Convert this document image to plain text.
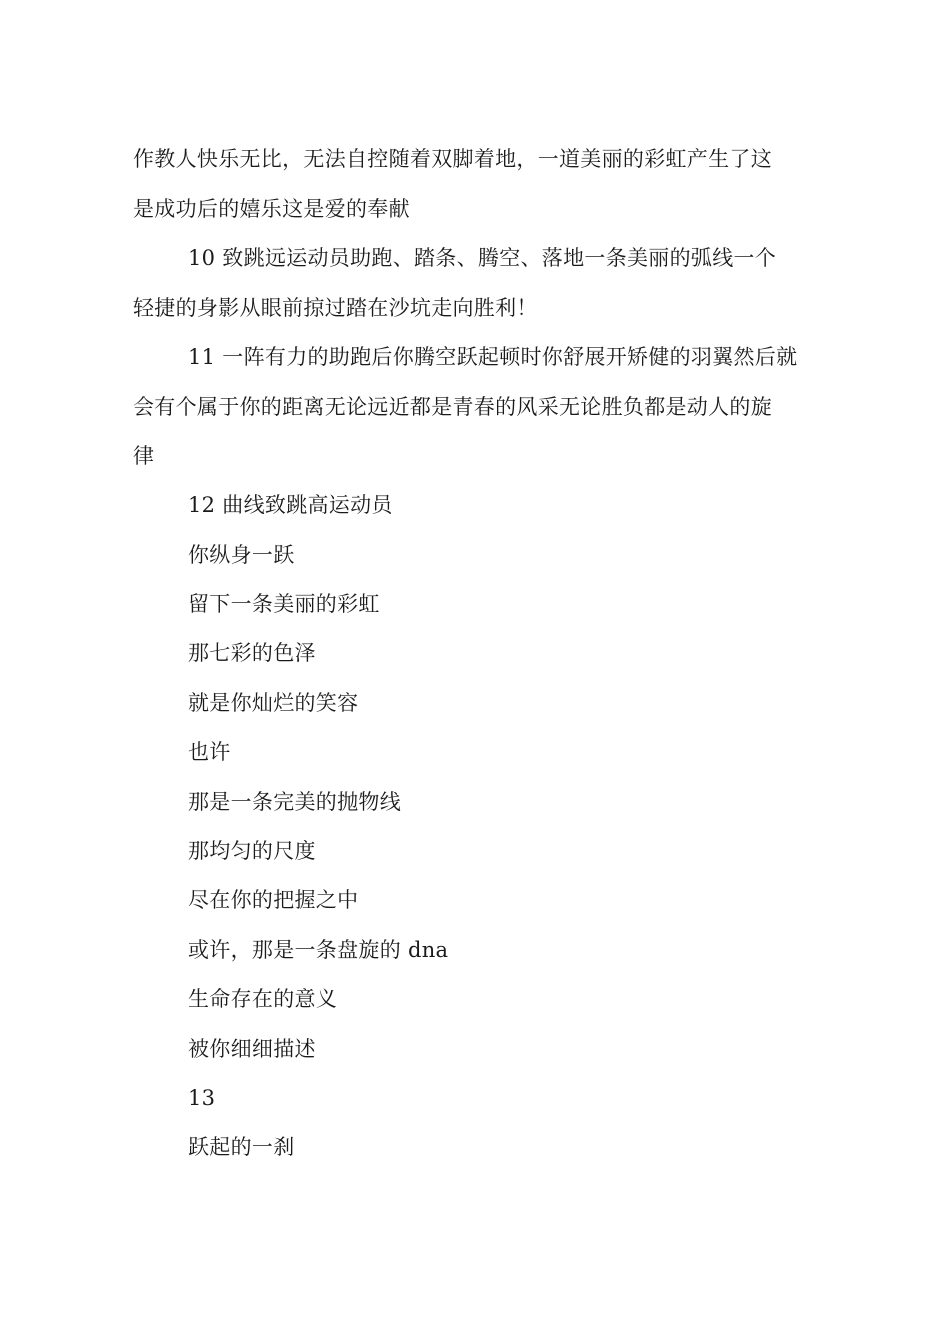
作教人快乐无比，无法自控随着双脚着地，一道美丽的彩虹产生了这
是成功后的嬉乐这是爱的奉献
10 致跳远运动员助跑、踏条、腾空、落地一条美丽的弧线一个
轻捷的身影从眼前掠过踏在沙坑走向胜利！
11 一阵有力的助跑后你腾空跃起顿时你舒展开矫健的羽翼然后就
会有个属于你的距离无论远近都是青春的风采无论胜负都是动人的旋
律
12 曲线致跳高运动员
你纵身一跃
留下一条美丽的彩虹
那七彩的色泽
就是你灿烂的笑容
也许
那是一条完美的抛物线
那均匀的尺度
尽在你的把握之中
或许，那是一条盘旋的 dna
生命存在的意义
被你细细描述
13
跃起的一刹
